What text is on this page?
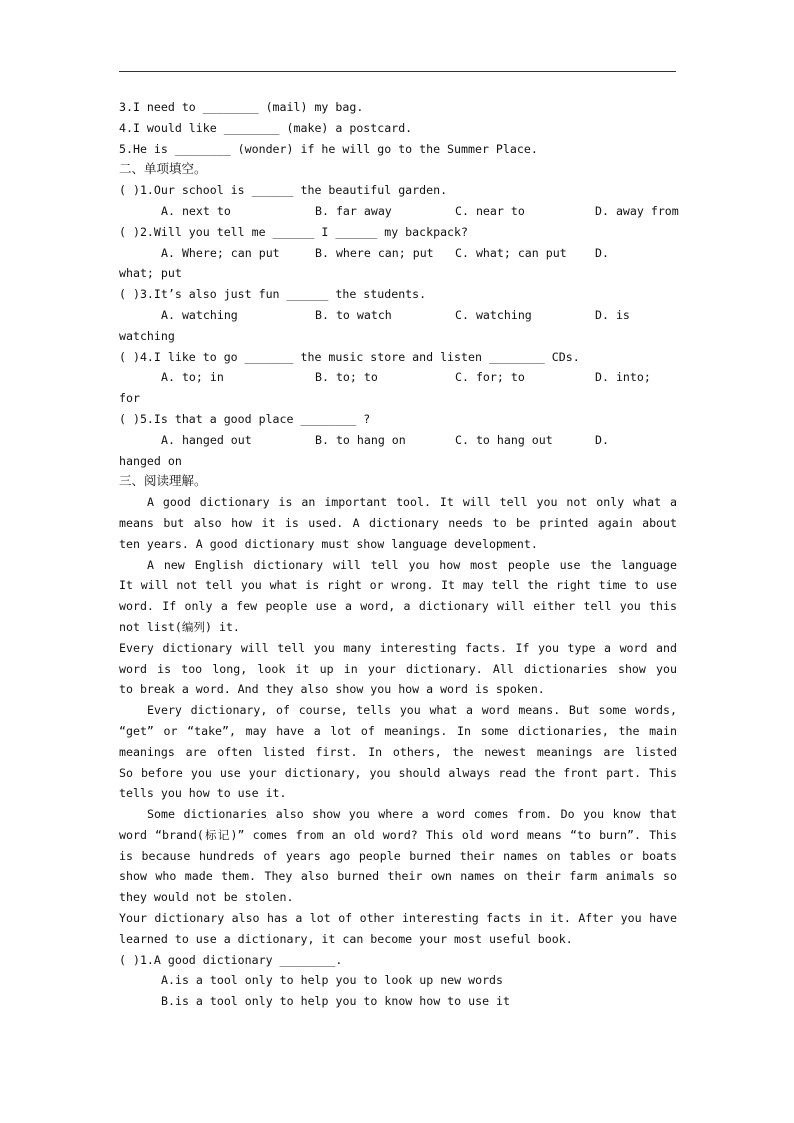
3.I need to ________ (mail) my bag.
4.I would like ________ (make) a postcard.
5.He is ________ (wonder) if he will go to the Summer Place.
二、单项填空。
( )1.Our school is ______ the beautiful garden.
A. next to	B. far away	C. near to	D. away from
( )2.Will you tell me ______ I ______ my backpack?
A. Where; can put	B. where can; put C. what; can put D.
what; put
( )3.It’s also just fun ______ the students.
A. watching	B. to watch	C. watching	D. is
watching
( )4.I like to go _______ the music store and listen ________ CDs.
A. to; in	B. to; to	C. for; to	D. into;
for
( )5.Is that a good place ________ ?
A. hanged out	B. to hang on	C. to hang out	D.
hanged on
三、阅读理解。
A good dictionary is an important tool. It will tell you not only what a
means but also how it is used. A dictionary needs to be printed again about
ten years. A good dictionary must show language development.
A new English dictionary will tell you how most people use the language
It will not tell you what is right or wrong. It may tell the right time to use
word. If only a few people use a word, a dictionary will either tell you this
not list(编列) it.
Every dictionary will tell you many interesting facts. If you type a word and
word is too long, look it up in your dictionary. All dictionaries show you
to break a word. And they also show you how a word is spoken.
Every dictionary, of course, tells you what a word means. But some words,
“get” or “take”, may have a lot of meanings. In some dictionaries, the main
meanings are often listed first. In others, the newest meanings are listed
So before you use your dictionary, you should always read the front part. This
tells you how to use it.
Some dictionaries also show you where a word comes from. Do you know that
word “brand(标记)” comes from an old word? This old word means “to burn”. This
is because hundreds of years ago people burned their names on tables or boats
show who made them. They also burned their own names on their farm animals so
they would not be stolen.
Your dictionary also has a lot of other interesting facts in it. After you have
learned to use a dictionary, it can become your most useful book.
( )1.A good dictionary ________.
A.is a tool only to help you to look up new words
B.is a tool only to help you to know how to use it
